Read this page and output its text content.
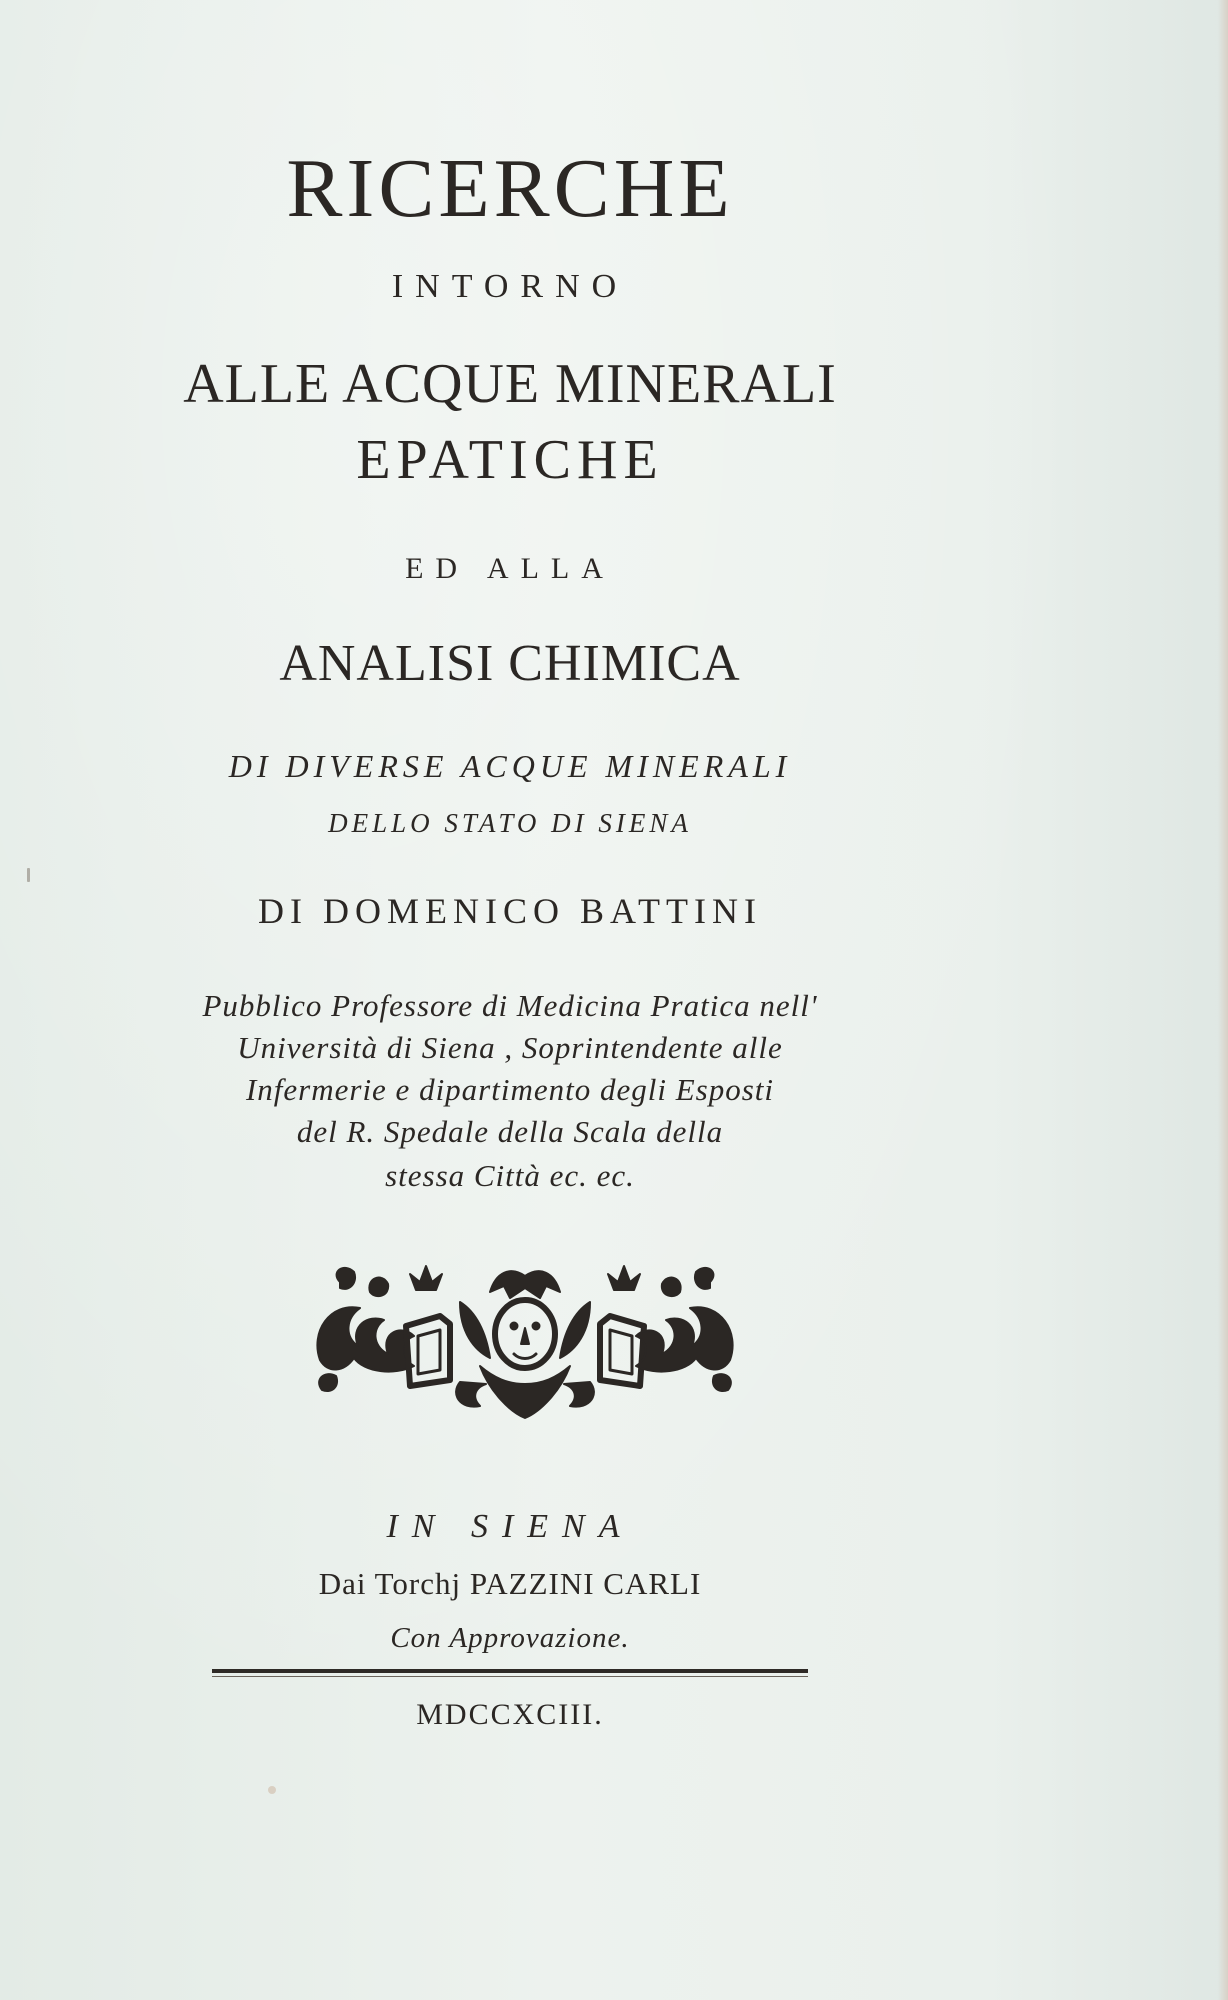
RICERCHE
INTORNO
ALLE ACQUE MINERALI
EPATICHE
ED ALLA
ANALISI CHIMICA
DI DIVERSE ACQUE MINERALI
DELLO STATO DI SIENA
DI DOMENICO BATTINI
Pubblico Professore di Medicina Pratica nell'
Università di Siena , Soprintendente alle
Infermerie e dipartimento degli Esposti
del R. Spedale della Scala della
stessa Città ec. ec.
IN SIENA
Dai Torchj PAZZINI CARLI
Con Approvazione.
MDCCXCIII.
